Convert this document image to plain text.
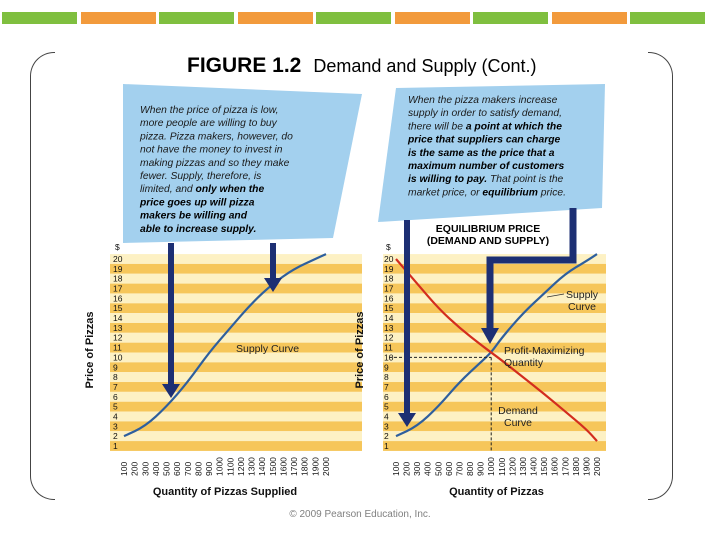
FIGURE 1.2 Demand and Supply (Cont.)
When the price of pizza is low,
more people are willing to buy
pizza. Pizza makers, however, do
not have the money to invest in
making pizzas and so they make
fewer. Supply, therefore, is
limited, and only when the
price goes up will pizza
makers be willing and
able to increase supply.
When the pizza makers increase
supply in order to satisfy demand,
there will be a point at which the
price that suppliers can charge
is the same as the price that a
maximum number of customers
is willing to pay. That point is the
market price, or equilibrium price.
1
2
3
4
5
6
7
8
9
10
11
12
13
14
15
16
17
18
19
20
$
100 200 300 400 500 600 700 800 900 1000 1100 1200 1300 1400 1500 1600 1700 1800 1900 2000
Price of Pizzas
Quantity of Pizzas Supplied
1
2
3
4
5
6
7
8
9
10
11
12
13
14
15
16
17
18
19
20
$
100 200 300 400 500 600 700 800 900 1000 1100 1200 1300 1400 1500 1600 1700 1800 1900 2000
Price of Pizzas
Quantity of Pizzas
EQUILIBRIUM PRICE
(DEMAND AND SUPPLY)
Supply Curve
Supply
Curve
Profit-Maximizing
Quantity
Demand
Curve
© 2009 Pearson Education, Inc.
